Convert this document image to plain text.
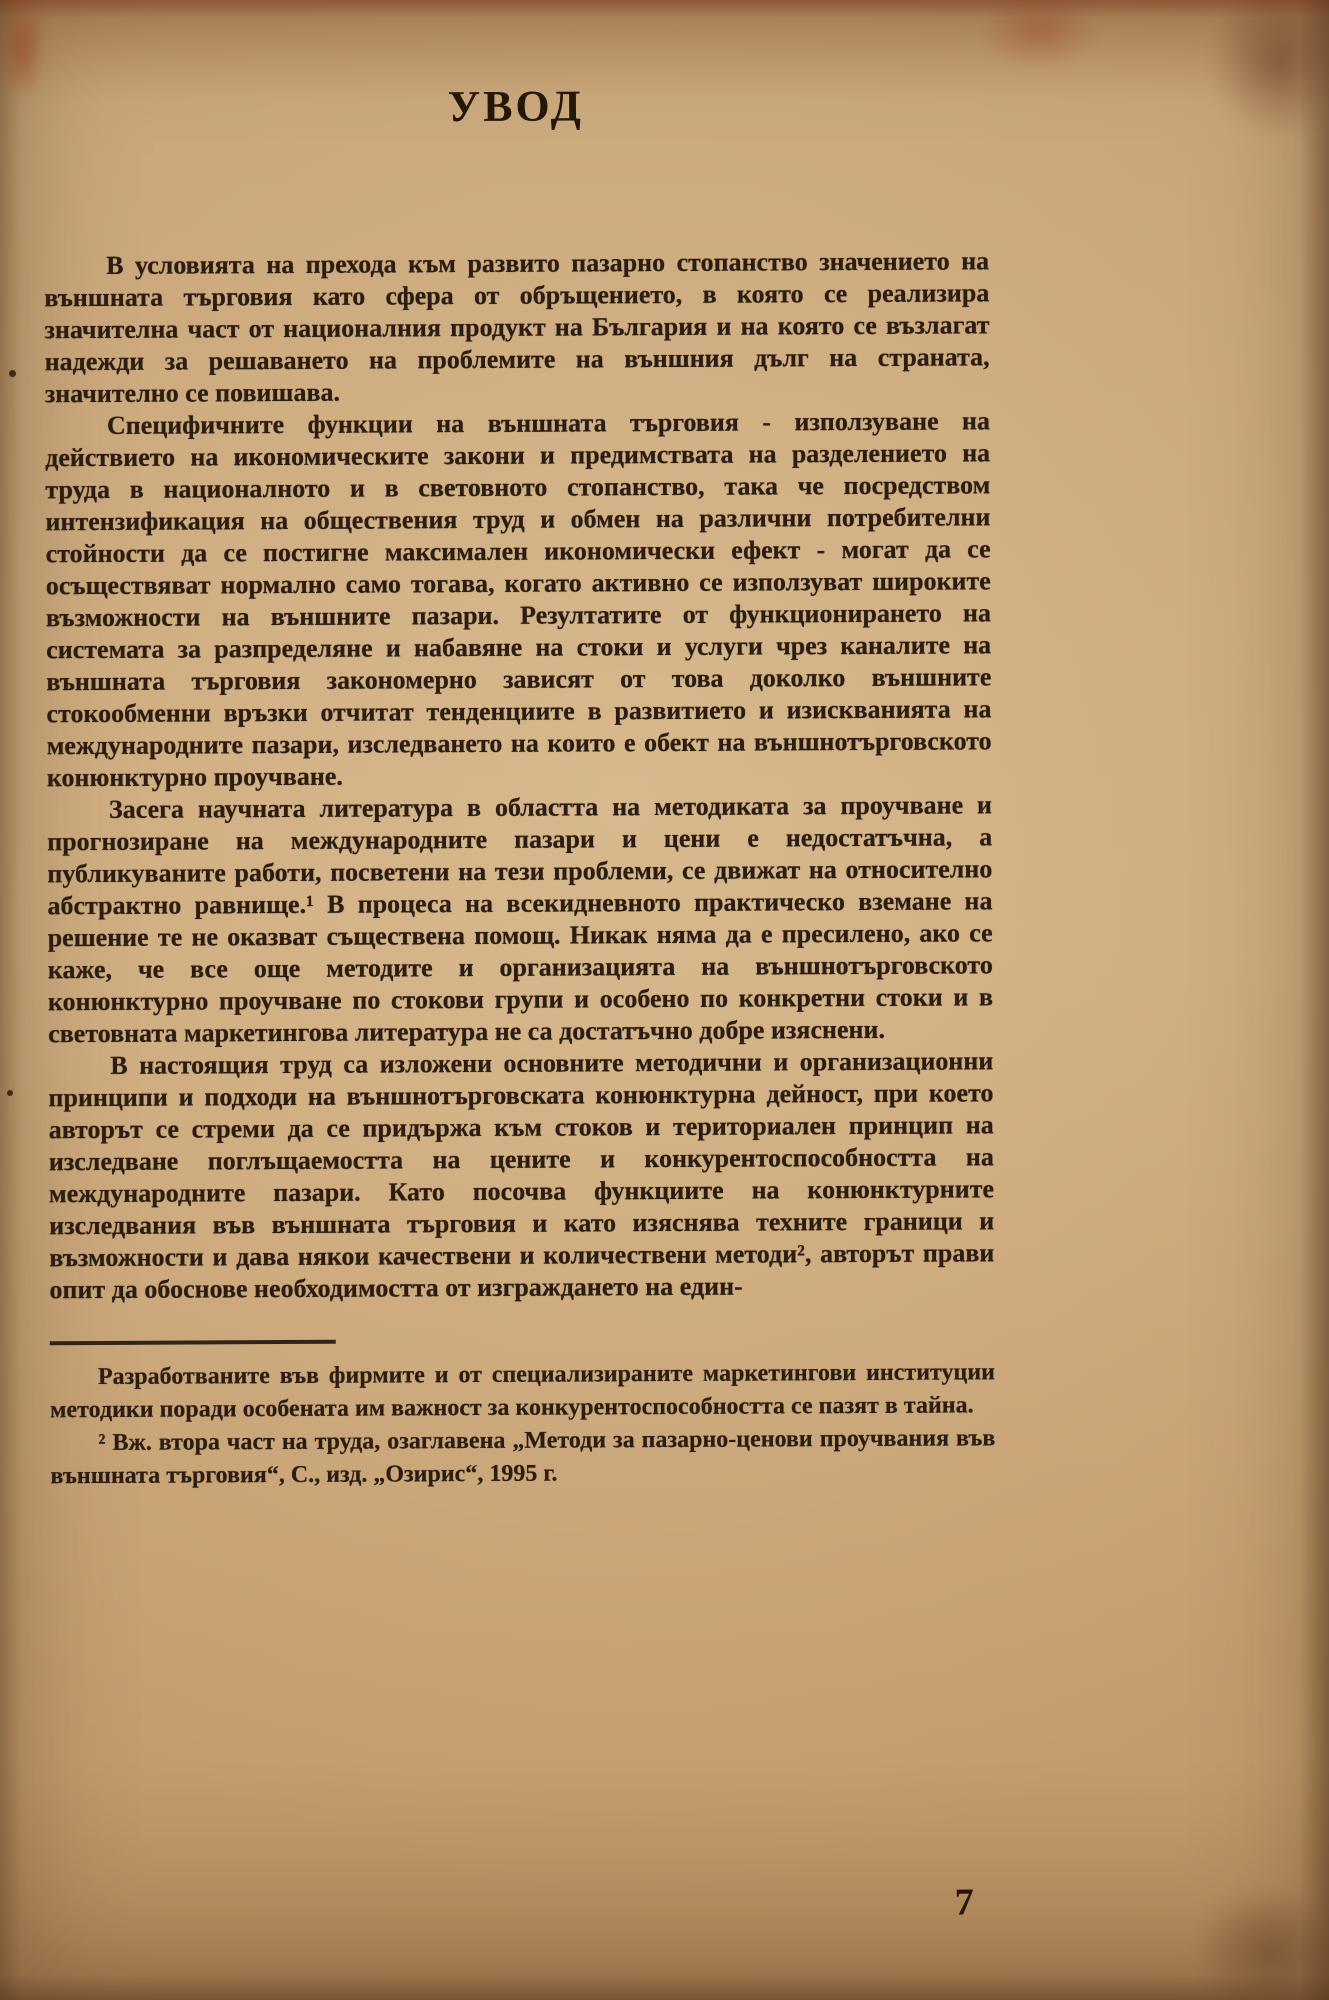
УВОД

В условията на прехода към развито пазарно стопанство значението на външната търговия като сфера от обръщението, в която се реализира значителна част от националния продукт на България и на която се възлагат надежди за решаването на проблемите на външния дълг на страната, значително се повишава.

Специфичните функции на външната търговия - използуване на действието на икономическите закони и предимствата на разделението на труда в националното и в световното стопанство, така че посредством интензификация на обществения труд и обмен на различни потребителни стойности да се постигне максимален икономически ефект - могат да се осъществяват нормално само тогава, когато активно се използуват широките възможности на външните пазари. Резултатите от функционирането на системата за разпределяне и набавяне на стоки и услуги чрез каналите на външната търговия закономерно зависят от това доколко външните стокообменни връзки отчитат тенденциите в развитието и изискванията на международните пазари, изследването на които е обект на външнотърговското конюнктурно проучване.

Засега научната литература в областта на методиката за проучване и прогнозиране на международните пазари и цени е недостатъчна, а публикуваните работи, посветени на тези проблеми, се движат на относително абстрактно равнище.¹ В процеса на всекидневното практическо вземане на решение те не оказват съществена помощ. Никак няма да е пресилено, ако се каже, че все още методите и организацията на външнотърговското конюнктурно проучване по стокови групи и особено по конкретни стоки и в световната маркетингова литература не са достатъчно добре изяснени.

В настоящия труд са изложени основните методични и организационни принципи и подходи на външнотърговската конюнктурна дейност, при което авторът се стреми да се придържа към стоков и териториален принцип на изследване поглъщаемостта на цените и конкурентоспособността на международните пазари. Като посочва функциите на конюнктурните изследвания във външната търговия и като изяснява техните граници и възможности и дава някои качествени и количествени методи², авторът прави опит да обоснове необходимостта от изграждането на един-

Разработваните във фирмите и от специализираните маркетингови институции методики поради особената им важност за конкурентоспособността се пазят в тайна.

² Вж. втора част на труда, озаглавена „Методи за пазарно-ценови проучвания във външната търговия“, С., изд. „Озирис“, 1995 г.

7
